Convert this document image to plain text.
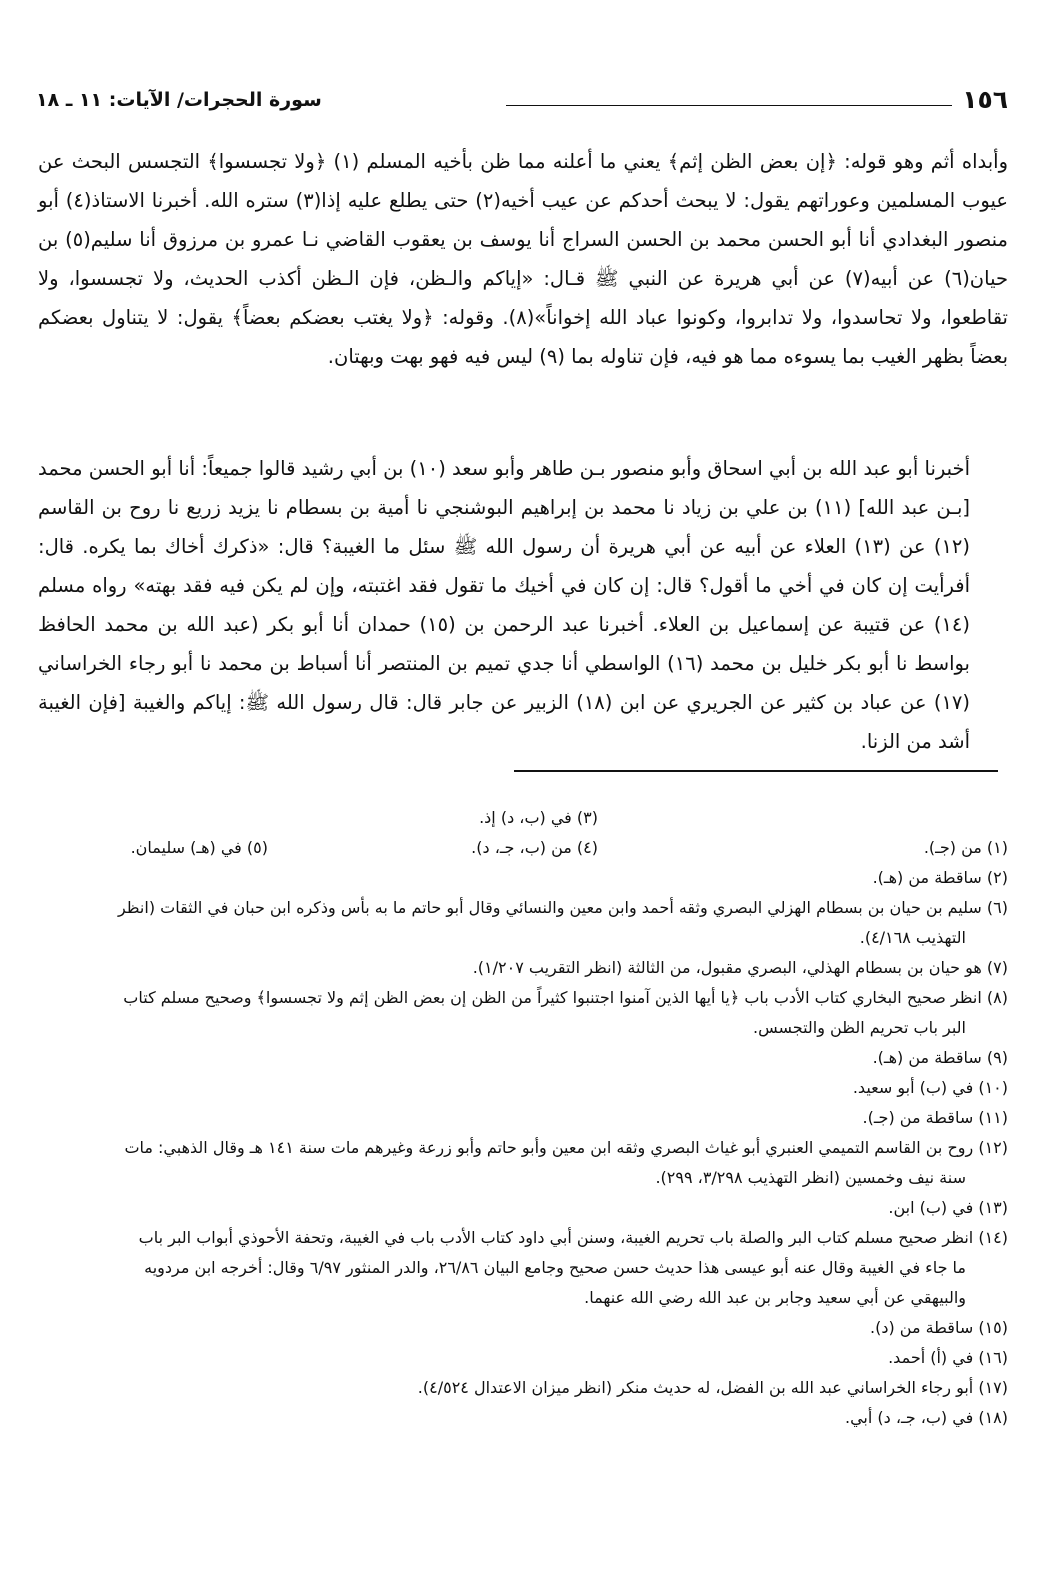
١٥٦
سورة الحجرات/ الآيات: ١١ ـ ١٨

وأبداه أثم وهو قوله: ﴿إن بعض الظن إثم﴾ يعني ما أعلنه مما ظن بأخيه المسلم (١) ﴿ولا تجسسوا﴾ التجسس البحث عن عيوب المسلمين وعوراتهم يقول: لا يبحث أحدكم عن عيب أخيه(٢) حتى يطلع عليه إذا(٣) ستره الله. أخبرنا الاستاذ(٤) أبو منصور البغدادي أنا أبو الحسن محمد بن الحسن السراج أنا يوسف بن يعقوب القاضي نـا عمرو بن مرزوق أنا سليم(٥) بن حيان(٦) عن أبيه(٧) عن أبي هريرة عن النبي ﷺ قـال: «إياكم والـظن، فإن الـظن أكذب الحديث، ولا تجسسوا، ولا تقاطعوا، ولا تحاسدوا، ولا تدابروا، وكونوا عباد الله إخواناً»(٨). وقوله: ﴿ولا يغتب بعضكم بعضاً﴾ يقول: لا يتناول بعضكم بعضاً بظهر الغيب بما يسوءه مما هو فيه، فإن تناوله بما (٩) ليس فيه فهو بهت وبهتان.

أخبرنا أبو عبد الله بن أبي اسحاق وأبو منصور بـن طاهر وأبو سعد (١٠) بن أبي رشيد قالوا جميعاً: أنا أبو الحسن محمد [بـن عبد الله] (١١) بن علي بن زياد نا محمد بن إبراهيم البوشنجي نا أمية بن بسطام نا يزيد زريع نا روح بن القاسم (١٢) عن (١٣) العلاء عن أبيه عن أبي هريرة أن رسول الله ﷺ سئل ما الغيبة؟ قال: «ذكرك أخاك بما يكره. قال: أفرأيت إن كان في أخي ما أقول؟ قال: إن كان في أخيك ما تقول فقد اغتبته، وإن لم يكن فيه فقد بهته» رواه مسلم (١٤) عن قتيبة عن إسماعيل بن العلاء. أخبرنا عبد الرحمن بن (١٥) حمدان أنا أبو بكر (عبد الله بن محمد الحافظ بواسط نا أبو بكر خليل بن محمد (١٦) الواسطي أنا جدي تميم بن المنتصر أنا أسباط بن محمد نا أبو رجاء الخراساني (١٧) عن عباد بن كثير عن الجريري عن ابن (١٨) الزبير عن جابر قال: قال رسول الله ﷺ: إياكم والغيبة [فإن الغيبة أشد من الزنا.

(٣) في (ب، د) إذ.
(١) من (جـ).
(٤) من (ب، جـ، د).
(٥) في (هـ) سليمان.
(٢) ساقطة من (هـ).

(٦) سليم بن حيان بن بسطام الهزلي البصري وثقه أحمد وابن معين والنسائي وقال أبو حاتم ما به بأس وذكره ابن حبان في الثقات (انظر

التهذيب ٤/١٦٨).

(٧) هو حيان بن بسطام الهذلي، البصري مقبول، من الثالثة (انظر التقريب ١/٢٠٧).

(٨) انظر صحيح البخاري كتاب الأدب باب ﴿يا أيها الذين آمنوا اجتنبوا كثيراً من الظن إن بعض الظن إثم ولا تجسسوا﴾ وصحيح مسلم كتاب

البر باب تحريم الظن والتجسس.

(٩) ساقطة من (هـ).

(١٠) في (ب) أبو سعيد.

(١١) ساقطة من (جـ).

(١٢) روح بن القاسم التميمي العنبري أبو غياث البصري وثقه ابن معين وأبو حاتم وأبو زرعة وغيرهم مات سنة ١٤١ هـ وقال الذهبي: مات

سنة نيف وخمسين (انظر التهذيب ٣/٢٩٨، ٢٩٩).

(١٣) في (ب) ابن.

(١٤) انظر صحيح مسلم كتاب البر والصلة باب تحريم الغيبة، وسنن أبي داود كتاب الأدب باب في الغيبة، وتحفة الأحوذي أبواب البر باب

ما جاء في الغيبة وقال عنه أبو عيسى هذا حديث حسن صحيح وجامع البيان ٢٦/٨٦، والدر المنثور ٦/٩٧ وقال: أخرجه ابن مردويه

والبيهقي عن أبي سعيد وجابر بن عبد الله رضي الله عنهما.

(١٥) ساقطة من (د).

(١٦) في (أ) أحمد.

(١٧) أبو رجاء الخراساني عبد الله بن الفضل، له حديث منكر (انظر ميزان الاعتدال ٤/٥٢٤).

(١٨) في (ب، جـ، د) أبي.
